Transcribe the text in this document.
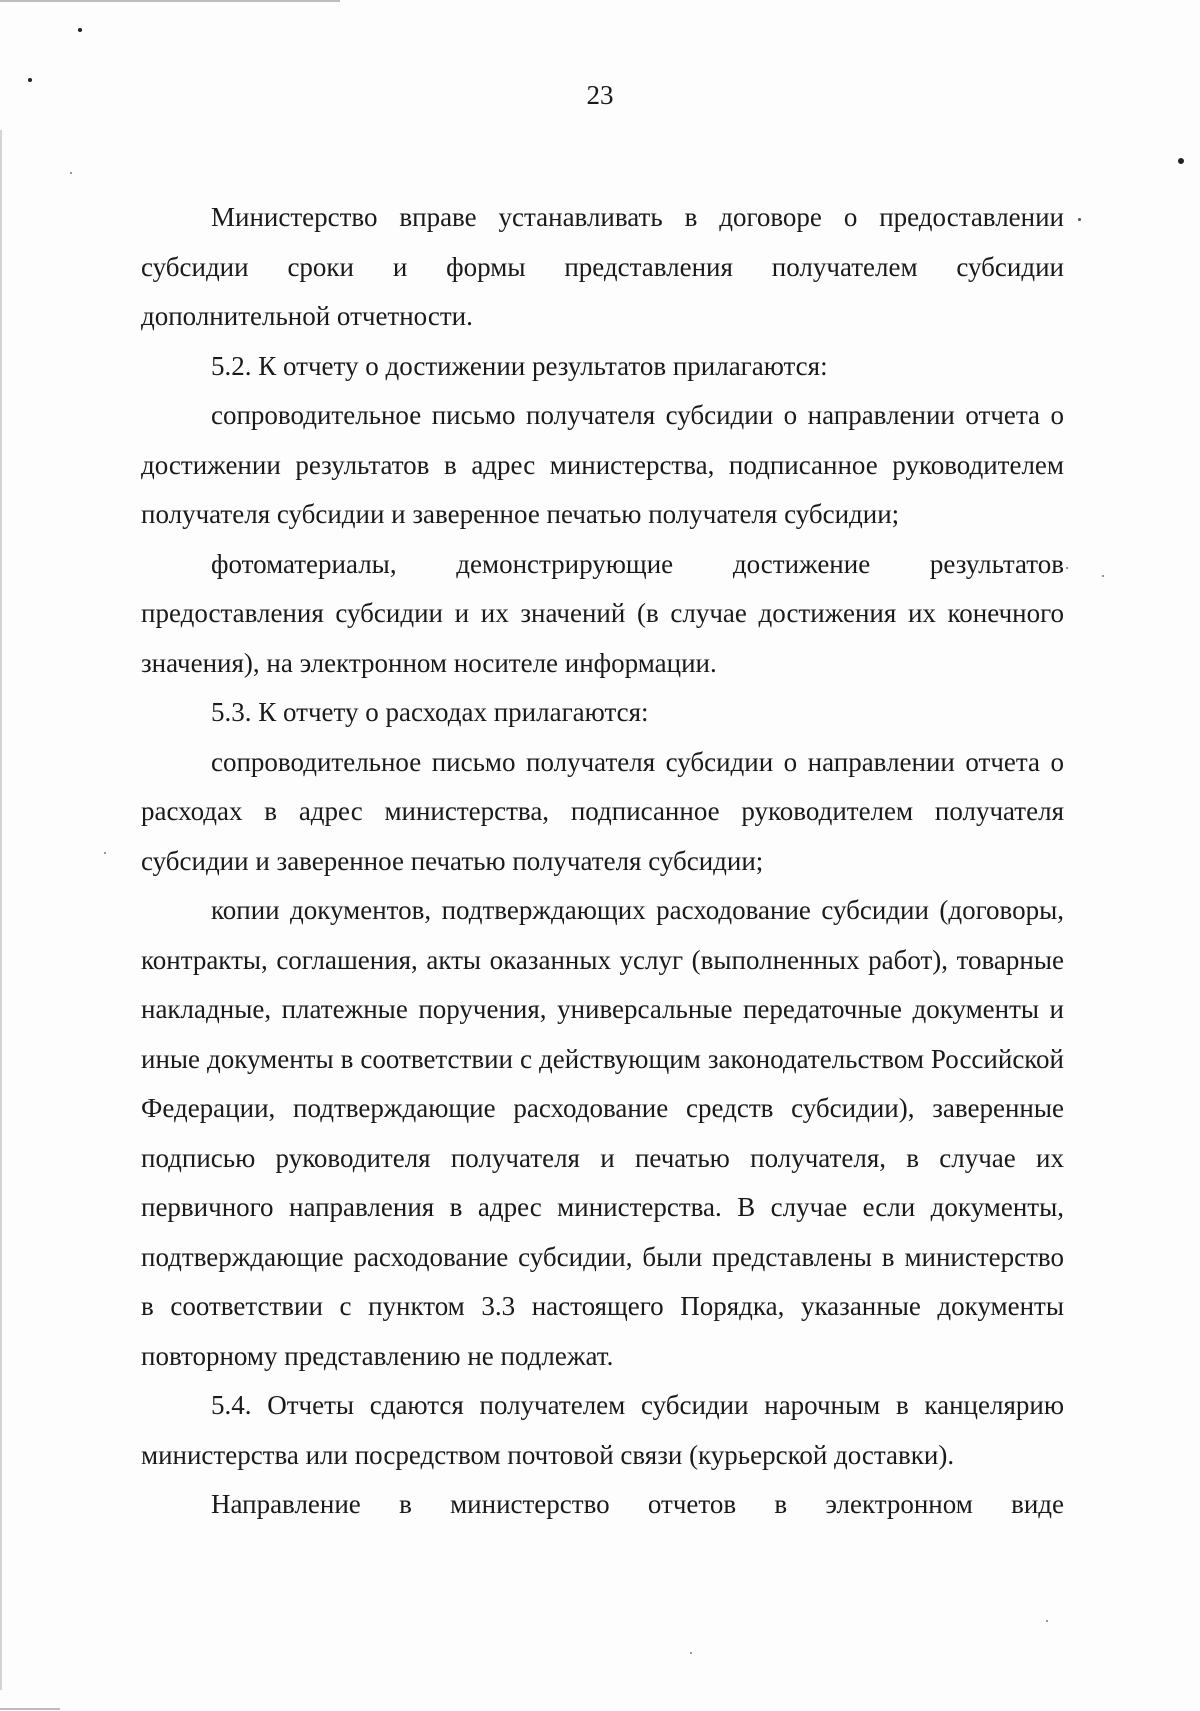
23

Министерство вправе устанавливать в договоре о предоставлении субсидии сроки и формы представления получателем субсидии дополнительной отчетности.

5.2. К отчету о достижении результатов прилагаются:

сопроводительное письмо получателя субсидии о направлении отчета о достижении результатов в адрес министерства, подписанное руководителем получателя субсидии и заверенное печатью получателя субсидии;

фотоматериалы, демонстрирующие достижение результатов предоставления субсидии и их значений (в случае достижения их конечного значения), на электронном носителе информации.

5.3. К отчету о расходах прилагаются:

сопроводительное письмо получателя субсидии о направлении отчета о расходах в адрес министерства, подписанное руководителем получателя субсидии и заверенное печатью получателя субсидии;

копии документов, подтверждающих расходование субсидии (договоры, контракты, соглашения, акты оказанных услуг (выполненных работ), товарные накладные, платежные поручения, универсальные передаточные документы и иные документы в соответствии с действующим законодательством Российской Федерации, подтверждающие расходование средств субсидии), заверенные подписью руководителя получателя и печатью получателя, в случае их первичного направления в адрес министерства. В случае если документы, подтверждающие расходование субсидии, были представлены в министерство в соответствии с пунктом 3.3 настоящего Порядка, указанные документы повторному представлению не подлежат.

5.4. Отчеты сдаются получателем субсидии нарочным в канцелярию министерства или посредством почтовой связи (курьерской доставки).

Направление в министерство отчетов в электронном виде
